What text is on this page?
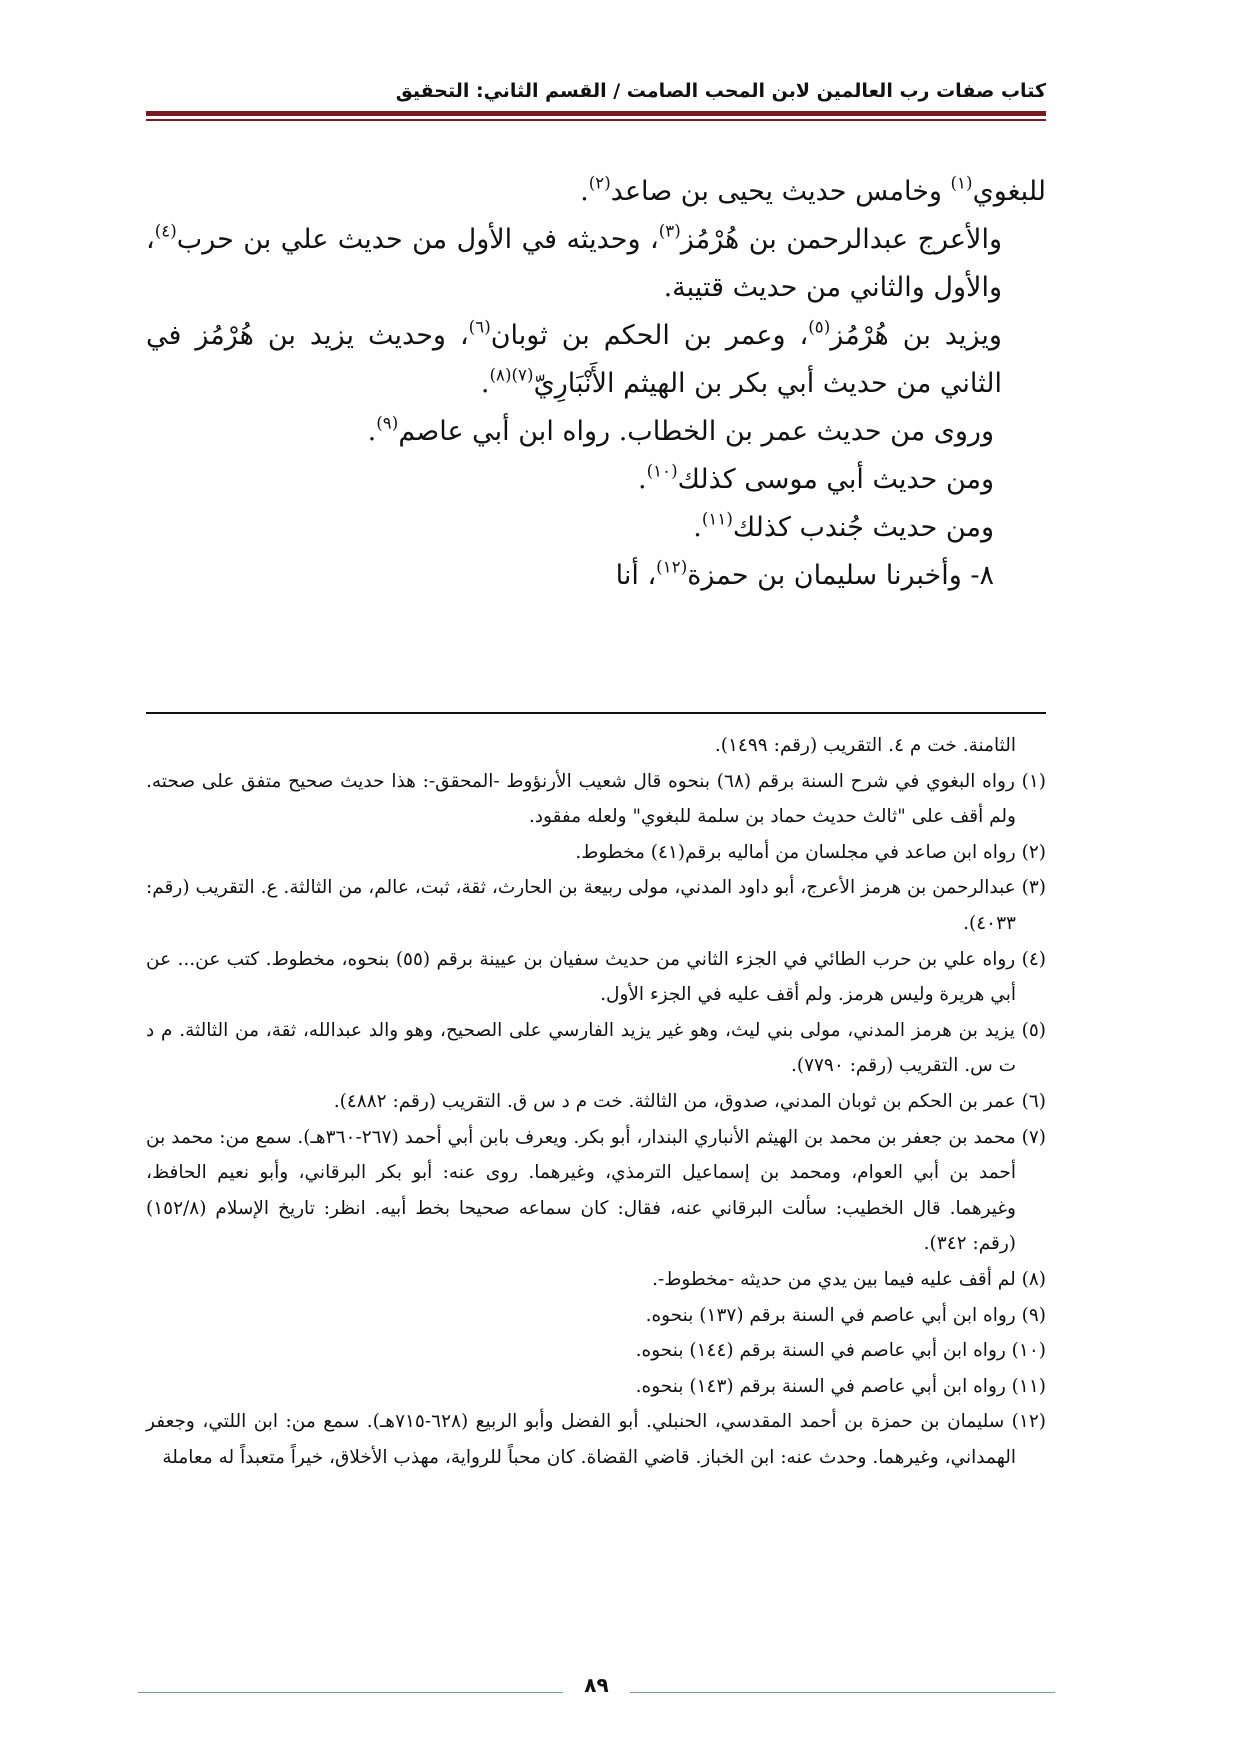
كتاب صفات رب العالمين لابن المحب الصامت / القسم الثاني: التحقيق

للبغوي$^{(١)}$ وخامس حديث يحيى بن صاعد$^{(٢)}$.

والأعرج عبدالرحمن بن هُرْمُز$^{(٣)}$، وحديثه في الأول من حديث علي بن حرب$^{(٤)}$، والأول والثاني من حديث قتيبة.

ويزيد بن هُرْمُز$^{(٥)}$، وعمر بن الحكم بن ثوبان$^{(٦)}$، وحديث يزيد بن هُرْمُز في الثاني من حديث أبي بكر بن الهيثم الأَنْبَارِيّ$^{(٧)(٨)}$.

وروى من حديث عمر بن الخطاب. رواه ابن أبي عاصم$^{(٩)}$.

ومن حديث أبي موسى كذلك$^{(١٠)}$.

ومن حديث جُندب كذلك$^{(١١)}$.

٨- وأخبرنا سليمان بن حمزة$^{(١٢)}$، أنا

الثامنة. خت م ٤. التقريب (رقم: ١٤٩٩).

(١) رواه البغوي في شرح السنة برقم (٦٨) بنحوه قال شعيب الأرنؤوط -المحقق-: هذا حديث صحيح متفق على صحته. ولم أقف على "ثالث حديث حماد بن سلمة للبغوي" ولعله مفقود.

(٢) رواه ابن صاعد في مجلسان من أماليه برقم(٤١) مخطوط.

(٣) عبدالرحمن بن هرمز الأعرج، أبو داود المدني، مولى ربيعة بن الحارث، ثقة، ثبت، عالم، من الثالثة. ع. التقريب (رقم: ٤٠٣٣).

(٤) رواه علي بن حرب الطائي في الجزء الثاني من حديث سفيان بن عيينة برقم (٥٥) بنحوه، مخطوط. كتب عن... عن أبي هريرة وليس هرمز. ولم أقف عليه في الجزء الأول.

(٥) يزيد بن هرمز المدني، مولى بني ليث، وهو غير يزيد الفارسي على الصحيح، وهو والد عبدالله، ثقة، من الثالثة. م د ت س. التقريب (رقم: ٧٧٩٠).

(٦) عمر بن الحكم بن ثوبان المدني، صدوق، من الثالثة. خت م د س ق. التقريب (رقم: ٤٨٨٢).

(٧) محمد بن جعفر بن محمد بن الهيثم الأنباري البندار، أبو بكر. ويعرف بابن أبي أحمد (٢٦٧-٣٦٠هـ). سمع من: محمد بن أحمد بن أبي العوام، ومحمد بن إسماعيل الترمذي، وغيرهما. روى عنه: أبو بكر البرقاني، وأبو نعيم الحافظ، وغيرهما. قال الخطيب: سألت البرقاني عنه، فقال: كان سماعه صحيحا بخط أبيه. انظر: تاريخ الإسلام (١٥٢/٨) (رقم: ٣٤٢).

(٨) لم أقف عليه فيما بين يدي من حديثه -مخطوط-.

(٩) رواه ابن أبي عاصم في السنة برقم (١٣٧) بنحوه.

(١٠) رواه ابن أبي عاصم في السنة برقم (١٤٤) بنحوه.

(١١) رواه ابن أبي عاصم في السنة برقم (١٤٣) بنحوه.

(١٢) سليمان بن حمزة بن أحمد المقدسي، الحنبلي. أبو الفضل وأبو الربيع (٦٢٨-٧١٥هـ). سمع من: ابن اللتي، وجعفر الهمداني، وغيرهما. وحدث عنه: ابن الخباز. قاضي القضاة. كان محباً للرواية، مهذب الأخلاق، خيراً متعبداً له معاملة

٨٩
